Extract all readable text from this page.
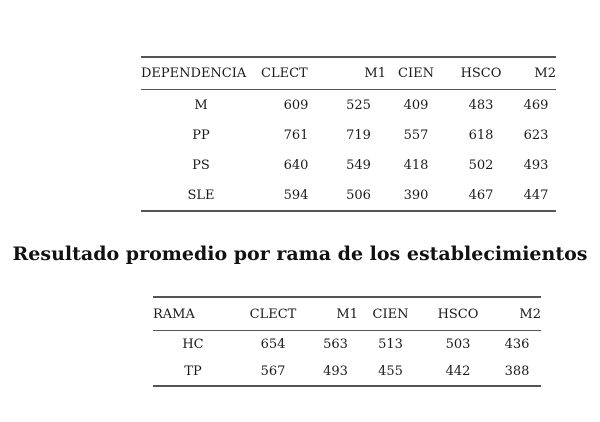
DEPENDENCIA	CLECT	M1	CIEN	HSCO	M2
M	609	525	409	483	469
PP	761	719	557	618	623
PS	640	549	418	502	493
SLE	594	506	390	467	447
Resultado promedio por rama de los establecimientos
RAMA	CLECT	M1	CIEN	HSCO	M2
HC	654	563	513	503	436
TP	567	493	455	442	388
